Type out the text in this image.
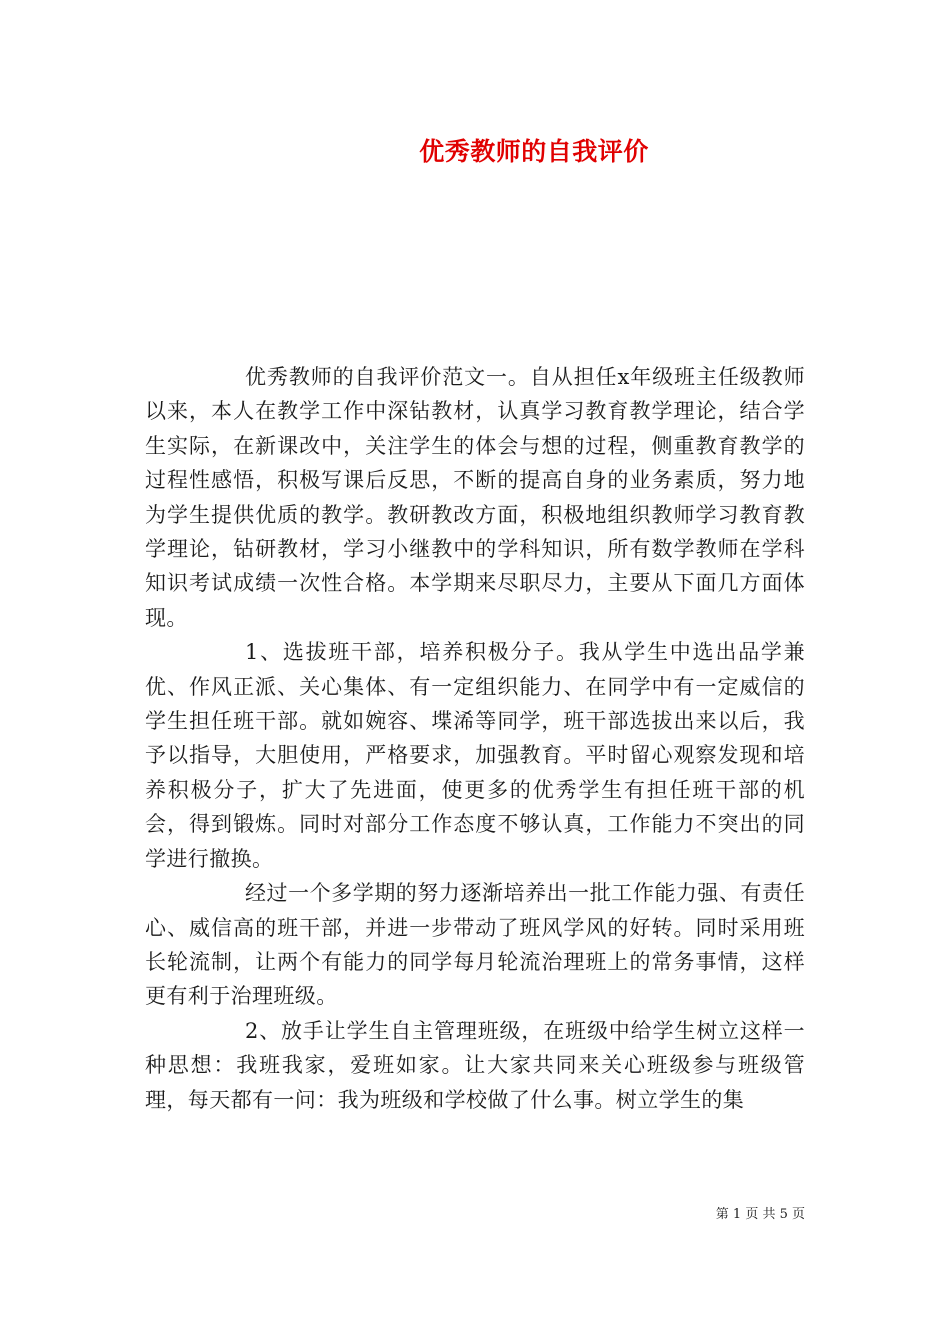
优秀教师的自我评价

优秀教师的自我评价范文一。自从担任x年级班主任级教师以来，本人在教学工作中深钻教材，认真学习教育教学理论，结合学生实际，在新课改中，关注学生的体会与想的过程，侧重教育教学的过程性感悟，积极写课后反思，不断的提高自身的业务素质，努力地为学生提供优质的教学。教研教改方面，积极地组织教师学习教育教学理论，钻研教材，学习小继教中的学科知识，所有数学教师在学科知识考试成绩一次性合格。本学期来尽职尽力，主要从下面几方面体现。

1、选拔班干部，培养积极分子。我从学生中选出品学兼优、作风正派、关心集体、有一定组织能力、在同学中有一定威信的学生担任班干部。就如婉容、堞浠等同学，班干部选拔出来以后，我予以指导，大胆使用，严格要求，加强教育。平时留心观察发现和培养积极分子，扩大了先进面，使更多的优秀学生有担任班干部的机会，得到锻炼。同时对部分工作态度不够认真，工作能力不突出的同学进行撤换。

经过一个多学期的努力逐渐培养出一批工作能力强、有责任心、威信高的班干部，并进一步带动了班风学风的好转。同时采用班长轮流制，让两个有能力的同学每月轮流治理班上的常务事情，这样更有利于治理班级。

2、放手让学生自主管理班级，在班级中给学生树立这样一种思想：我班我家，爱班如家。让大家共同来关心班级参与班级管理，每天都有一问：我为班级和学校做了什么事。树立学生的集

第 1 页 共 5 页
